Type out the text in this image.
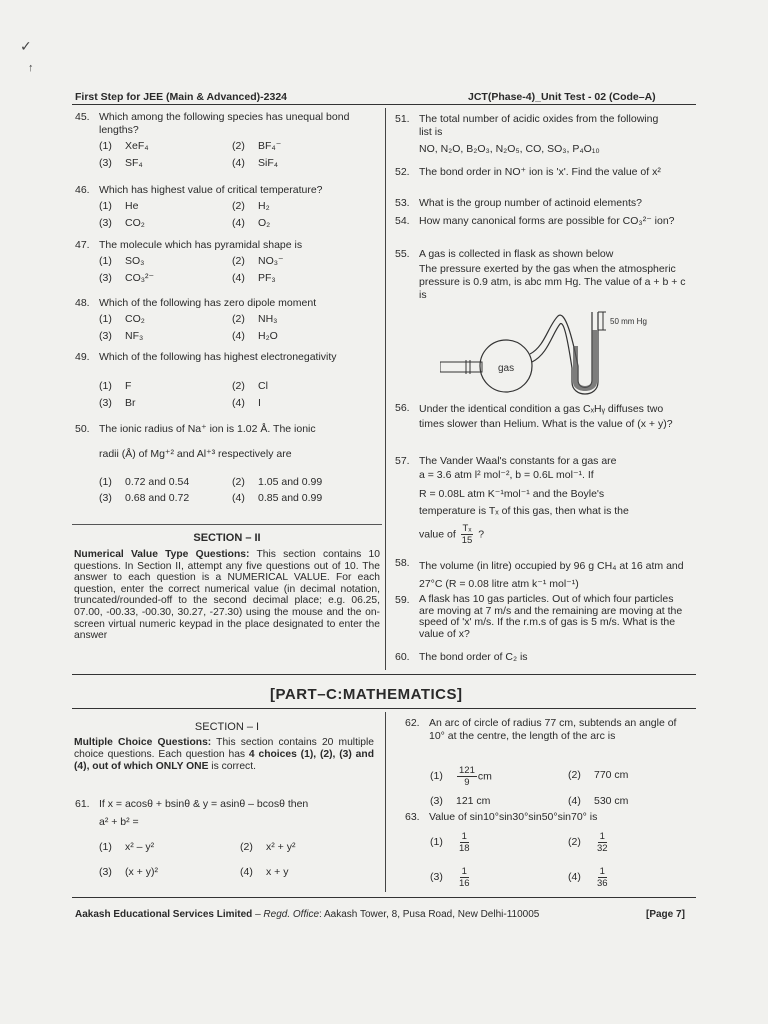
✓
↑
First Step for JEE (Main & Advanced)-2324	JCT(Phase-4)_Unit Test - 02 (Code–A)
45. Which among the following species has unequal bond lengths?
(1) XeF₄	(2) BF₄⁻
(3) SF₄	(4) SiF₄
46. Which has highest value of critical temperature?
(1) He	(2) H₂
(3) CO₂	(4) O₂
47. The molecule which has pyramidal shape is
(1) SO₃	(2) NO₃⁻
(3) CO₃²⁻	(4) PF₃
48. Which of the following has zero dipole moment
(1) CO₂	(2) NH₃
(3) NF₃	(4) H₂O
49. Which of the following has highest electronegativity
(1) F	(2) Cl
(3) Br	(4) I
50. The ionic radius of Na⁺ ion is 1.02 Å. The ionic
radii (Å) of Mg⁺² and Al⁺³ respectively are
(1) 0.72 and 0.54	(2) 1.05 and 0.99
(3) 0.68 and 0.72	(4) 0.85 and 0.99
SECTION – II
Numerical Value Type Questions: This section contains 10 questions. In Section II, attempt any five questions out of 10. The answer to each question is a NUMERICAL VALUE. For each question, enter the correct numerical value (in decimal notation, truncated/rounded-off to the second decimal place; e.g. 06.25, 07.00, -00.33, -00.30, 30.27, -27.30) using the mouse and the on-screen virtual numeric keypad in the place designated to enter the answer
51. The total number of acidic oxides from the following list is
NO, N₂O, B₂O₃, N₂O₅, CO, SO₃, P₄O₁₀
52. The bond order in NO⁺ ion is 'x'. Find the value of x²
53. What is the group number of actinoid elements?
54. How many canonical forms are possible for CO₃²⁻ ion?
55. A gas is collected in flask as shown below
The pressure exerted by the gas when the atmospheric pressure is 0.9 atm, is abc mm Hg. The value of a + b + c is
gas
50 mm Hg
56. Under the identical condition a gas CₓHᵧ diffuses two times slower than Helium. What is the value of (x + y)?
57. The Vander Waal's constants for a gas are
a = 3.6 atm l² mol⁻², b = 0.6L mol⁻¹. If
R = 0.08L atm K⁻¹mol⁻¹ and the Boyle's
temperature is Tₓ of this gas, then what is the
value of $\frac{\text{Tₓ}}{15}$ ?
58. The volume (in litre) occupied by 96 g CH₄ at 16 atm and 27°C (R = 0.08 litre atm k⁻¹ mol⁻¹)
59. A flask has 10 gas particles. Out of which four particles are moving at 7 m/s and the remaining are moving at the speed of 'x' m/s. If the r.m.s of gas is 5 m/s. What is the value of x?
60. The bond order of C₂ is
[PART–C:MATHEMATICS]
SECTION – I
Multiple Choice Questions: This section contains 20 multiple choice questions. Each question has 4 choices (1), (2), (3) and (4), out of which ONLY ONE is correct.
61. If x = acosθ + bsinθ & y = asinθ – bcosθ then
a² + b² =
(1) x² – y²	(2) x² + y²
(3) (x + y)²	(4) x + y
62. An arc of circle of radius 77 cm, subtends an angle of 10° at the centre, the length of the arc is
$(1) \frac{121}{9}$ cm	(2) 770 cm
(3) 121 cm	(4) 530 cm
63. Value of sin10°sin30°sin50°sin70° is
$(1) \frac{1}{18}$	$(2) \frac{1}{32}$
$(3) \frac{1}{16}$	$(4) \frac{1}{36}$
Aakash Educational Services Limited – Regd. Office: Aakash Tower, 8, Pusa Road, New Delhi-110005	[Page 7]
